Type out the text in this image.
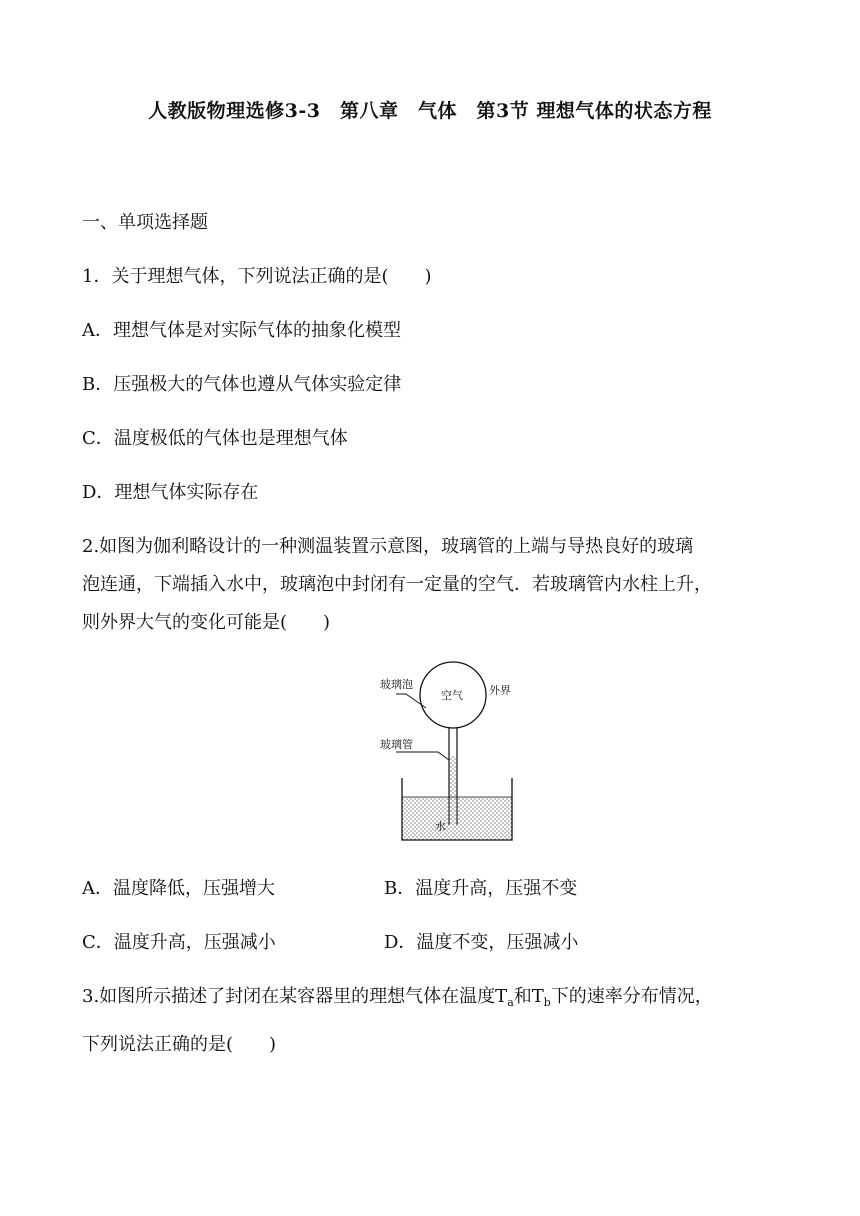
人教版物理选修3-3　第八章　气体　第3节 理想气体的状态方程
一、单项选择题
1．关于理想气体，下列说法正确的是(　　)
A．理想气体是对实际气体的抽象化模型
B．压强极大的气体也遵从气体实验定律
C．温度极低的气体也是理想气体
D．理想气体实际存在
2.如图为伽利略设计的一种测温装置示意图，玻璃管的上端与导热良好的玻璃
泡连通，下端插入水中，玻璃泡中封闭有一定量的空气．若玻璃管内水柱上升，
则外界大气的变化可能是(　　)
玻璃泡
空气 外界
玻璃管
水
A．温度降低，压强增大	B．温度升高，压强不变
C．温度升高，压强减小	D．温度不变，压强减小
3.如图所示描述了封闭在某容器里的理想气体在温度$T_a$和$T_b$下的速率分布情况，
下列说法正确的是(　　)
